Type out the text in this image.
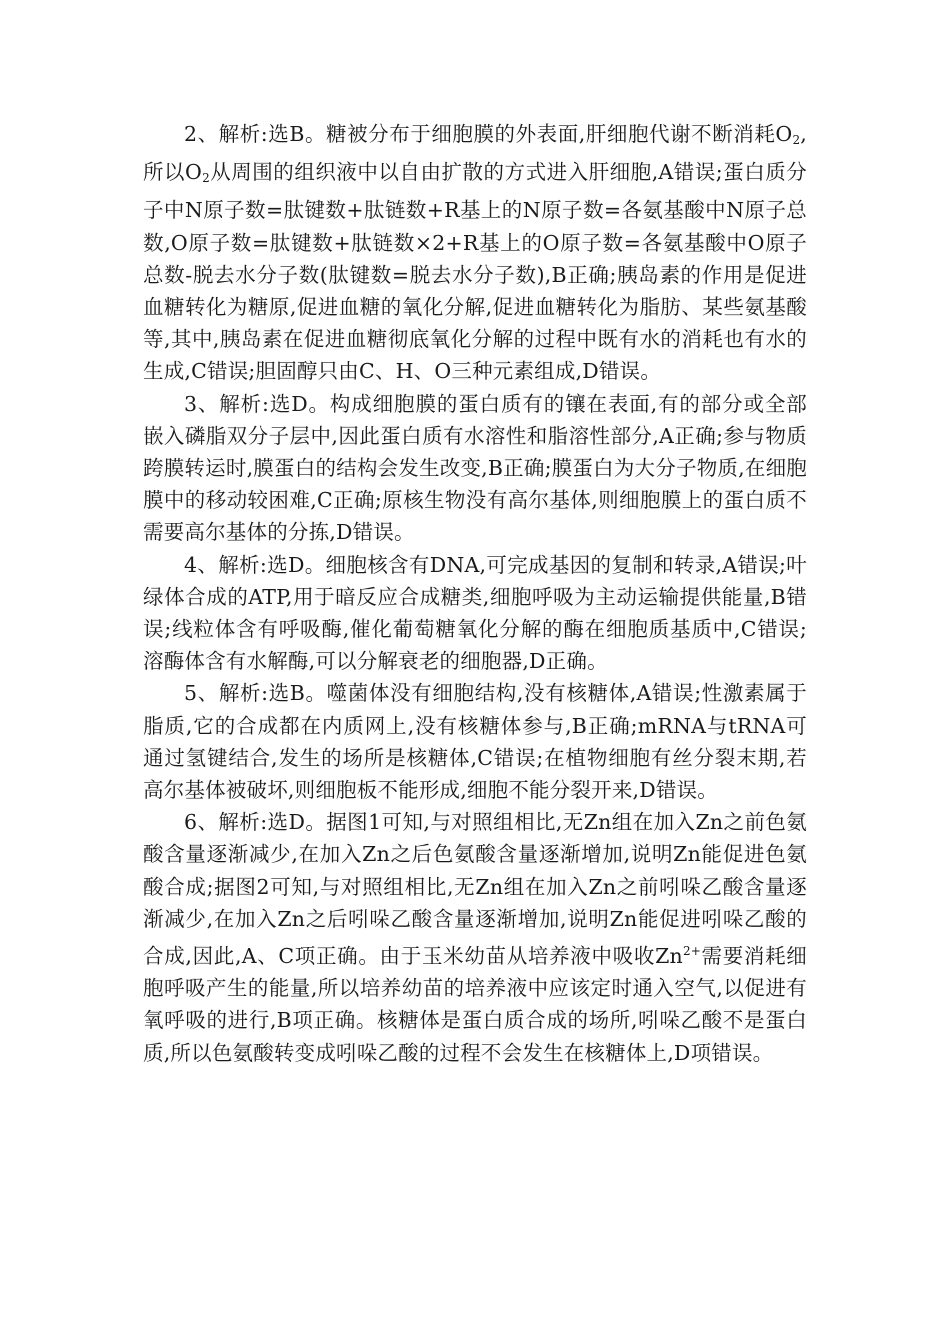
2、解析:选B。糖被分布于细胞膜的外表面,肝细胞代谢不断消耗$O_2$,所以$O_2$从周围的组织液中以自由扩散的方式进入肝细胞,A错误;蛋白质分子中N原子数=肽键数+肽链数+R基上的N原子数=各氨基酸中N原子总数,O原子数=肽键数+肽链数×2+R基上的O原子数=各氨基酸中O原子总数-脱去水分子数(肽键数=脱去水分子数),B正确;胰岛素的作用是促进血糖转化为糖原,促进血糖的氧化分解,促进血糖转化为脂肪、某些氨基酸等,其中,胰岛素在促进血糖彻底氧化分解的过程中既有水的消耗也有水的生成,C错误;胆固醇只由C、H、O三种元素组成,D错误。

3、解析:选D。构成细胞膜的蛋白质有的镶在表面,有的部分或全部嵌入磷脂双分子层中,因此蛋白质有水溶性和脂溶性部分,A正确;参与物质跨膜转运时,膜蛋白的结构会发生改变,B正确;膜蛋白为大分子物质,在细胞膜中的移动较困难,C正确;原核生物没有高尔基体,则细胞膜上的蛋白质不需要高尔基体的分拣,D错误。

4、解析:选D。细胞核含有DNA,可完成基因的复制和转录,A错误;叶绿体合成的ATP,用于暗反应合成糖类,细胞呼吸为主动运输提供能量,B错误;线粒体含有呼吸酶,催化葡萄糖氧化分解的酶在细胞质基质中,C错误;溶酶体含有水解酶,可以分解衰老的细胞器,D正确。

5、解析:选B。噬菌体没有细胞结构,没有核糖体,A错误;性激素属于脂质,它的合成都在内质网上,没有核糖体参与,B正确;mRNA与tRNA可通过氢键结合,发生的场所是核糖体,C错误;在植物细胞有丝分裂末期,若高尔基体被破坏,则细胞板不能形成,细胞不能分裂开来,D错误。

6、解析:选D。据图1可知,与对照组相比,无Zn组在加入Zn之前色氨酸含量逐渐减少,在加入Zn之后色氨酸含量逐渐增加,说明Zn能促进色氨酸合成;据图2可知,与对照组相比,无Zn组在加入Zn之前吲哚乙酸含量逐渐减少,在加入Zn之后吲哚乙酸含量逐渐增加,说明Zn能促进吲哚乙酸的合成,因此,A、C项正确。由于玉米幼苗从培养液中吸收$Zn^{2+}$需要消耗细胞呼吸产生的能量,所以培养幼苗的培养液中应该定时通入空气,以促进有氧呼吸的进行,B项正确。核糖体是蛋白质合成的场所,吲哚乙酸不是蛋白质,所以色氨酸转变成吲哚乙酸的过程不会发生在核糖体上,D项错误。
